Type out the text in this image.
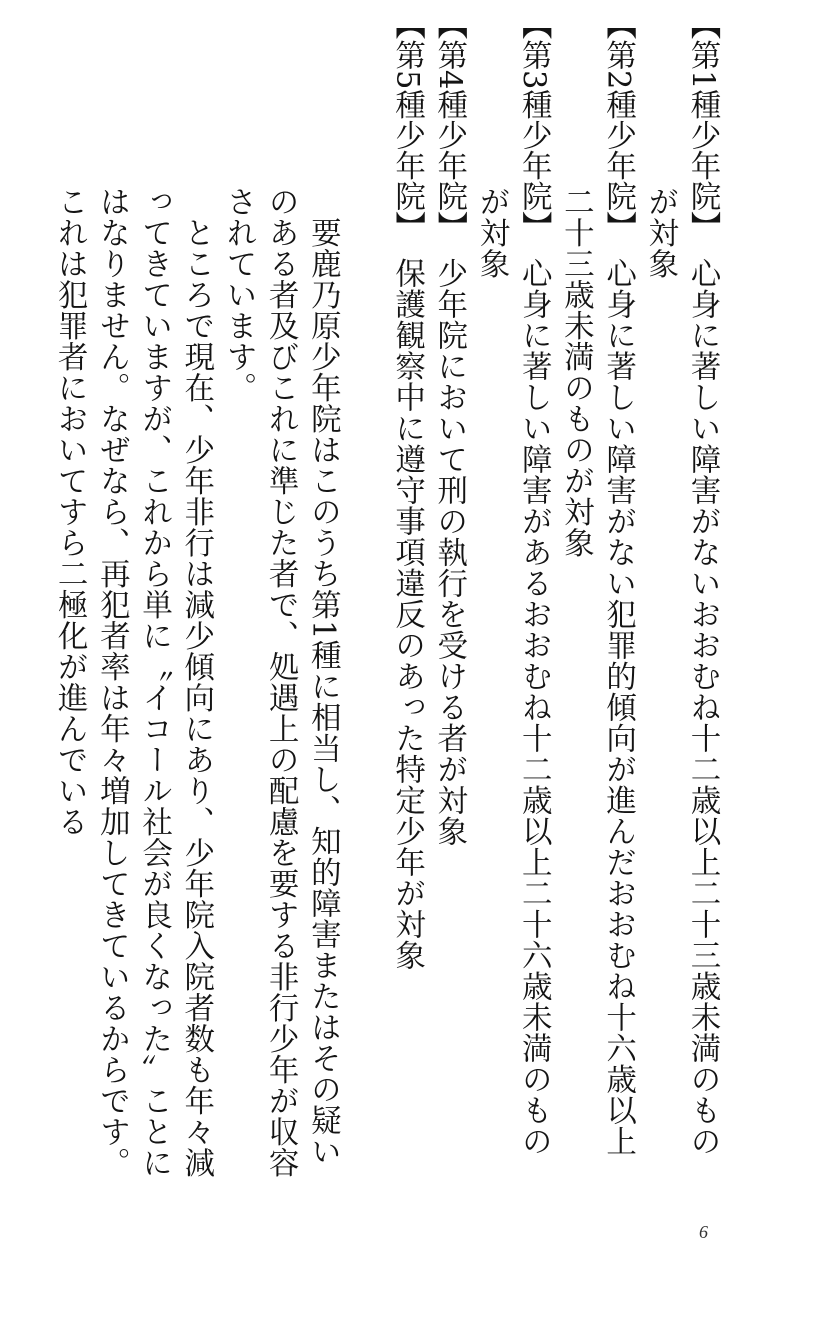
【第1種少年院】　心身に著しい障害がないおおむね十二歳以上二十三歳未満のものが対象

【第2種少年院】　心身に著しい障害がない犯罪的傾向が進んだおおむね十六歳以上二十三歳未満のものが対象

【第3種少年院】　心身に著しい障害があるおおむね十二歳以上二十六歳未満のものが対象

【第4種少年院】　少年院において刑の執行を受ける者が対象

【第5種少年院】　保護観察中に遵守事項違反のあった特定少年が対象

要鹿乃原少年院はこのうち第1種に相当し、知的障害またはその疑いのある者及びこれに準じた者で、処遇上の配慮を要する非行少年が収容されています。

ところで現在、少年非行は減少傾向にあり、少年院入院者数も年々減ってきていますが、これから単に〝イコール社会が良くなった〟ことにはなりません。なぜなら、再犯者率は年々増加してきているからです。これは犯罪者においてすら二極化が進んでいる

6
